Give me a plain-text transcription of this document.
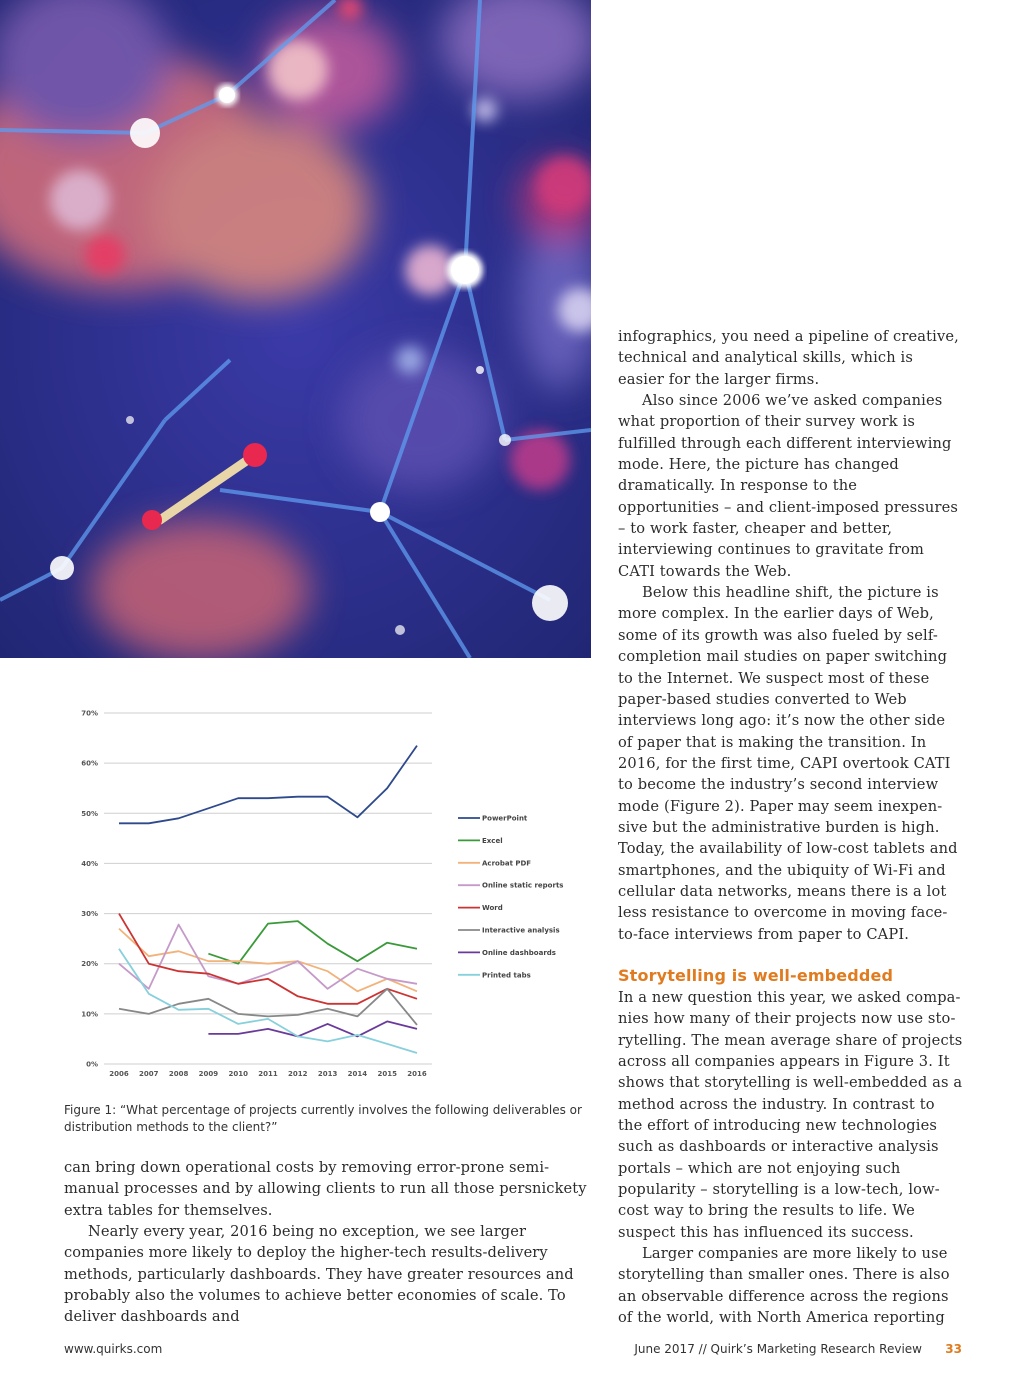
infographics, you need a pipeline of creative, technical and analytical skills, which is easier for the larger firms.

Also since 2006 we’ve asked companies what proportion of their survey work is fulfilled through each different interviewing mode. Here, the picture has changed dramatically. In response to the opportunities – and client-imposed pressures – to work faster, cheaper and better, interviewing continues to gravitate from CATI towards the Web.

Below this headline shift, the picture is more complex. In the earlier days of Web, some of its growth was also fueled by self-completion mail studies on paper switching to the Internet. We suspect most of these paper-based studies converted to Web interviews long ago: it’s now the other side of paper that is making the transition. In 2016, for the first time, CAPI overtook CATI to become the industry’s second interview mode (Figure 2). Paper may seem inexpensive but the administrative burden is high. Today, the availability of low-cost tablets and smartphones, and the ubiquity of Wi-Fi and cellular data networks, means there is a lot less resistance to overcome in moving face-to-face interviews from paper to CAPI.

Storytelling is well-embedded

In a new question this year, we asked companies how many of their projects now use storytelling. The mean average share of projects across all companies appears in Figure 3. It shows that storytelling is well-embedded as a method across the industry. In contrast to the effort of introducing new technologies such as dashboards or interactive analysis portals – which are not enjoying such popularity – storytelling is a low-tech, low-cost way to bring the results to life. We suspect this has influenced its success.

Larger companies are more likely to use storytelling than smaller ones. There is also an observable difference across the regions of the world, with North America reporting

0%
10%
20%
30%
40%
50%
60%
70%
2006 2007 2008 2009 2010 2011 2012 2013 2014 2015 2016
PowerPoint
Excel
Acrobat PDF
Online static reports
Word
Interactive analysis
Online dashboards
Printed tabs
Figure 1: “What percentage of projects currently involves the following deliverables or distribution methods to the client?”

can bring down operational costs by removing error-prone semi-manual processes and by allowing clients to run all those persnickety extra tables for themselves.

Nearly every year, 2016 being no exception, we see larger companies more likely to deploy the higher-tech results-delivery methods, particularly dashboards. They have greater resources and probably also the volumes to achieve better economies of scale. To deliver dashboards and

www.quirks.com	June 2017 // Quirk’s Marketing Research Review 33
